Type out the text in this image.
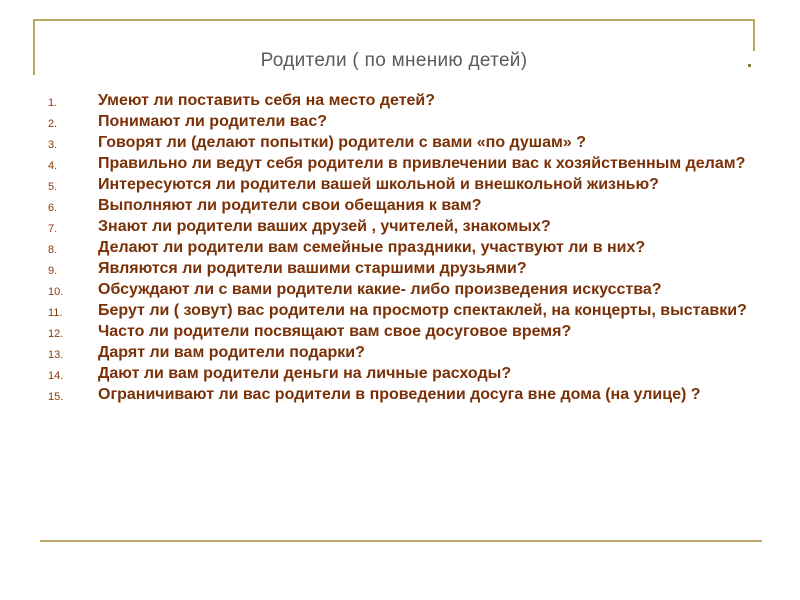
Родители ( по мнению детей)
1.	Умеют ли поставить себя на место детей?
2.	Понимают ли родители вас?
3.	Говорят ли (делают попытки) родители с вами «по душам» ?
4.	Правильно ли ведут себя родители в привлечении вас к хозяйственным делам?
5.	Интересуются ли родители вашей школьной и внешкольной жизнью?
6.	Выполняют ли родители свои обещания к вам?
7.	Знают ли родители ваших друзей , учителей, знакомых?
8.	Делают ли родители вам семейные праздники, участвуют ли в них?
9.	Являются ли родители вашими старшими друзьями?
10.	Обсуждают ли с вами родители какие- либо произведения искусства?
11.	Берут ли ( зовут) вас родители на просмотр спектаклей, на концерты, выставки?
12.	Часто ли родители посвящают вам свое досуговое время?
13.	Дарят ли вам родители подарки?
14.	Дают ли вам родители деньги на личные расходы?
15.	Ограничивают ли вас родители в проведении досуга вне дома (на улице) ?
